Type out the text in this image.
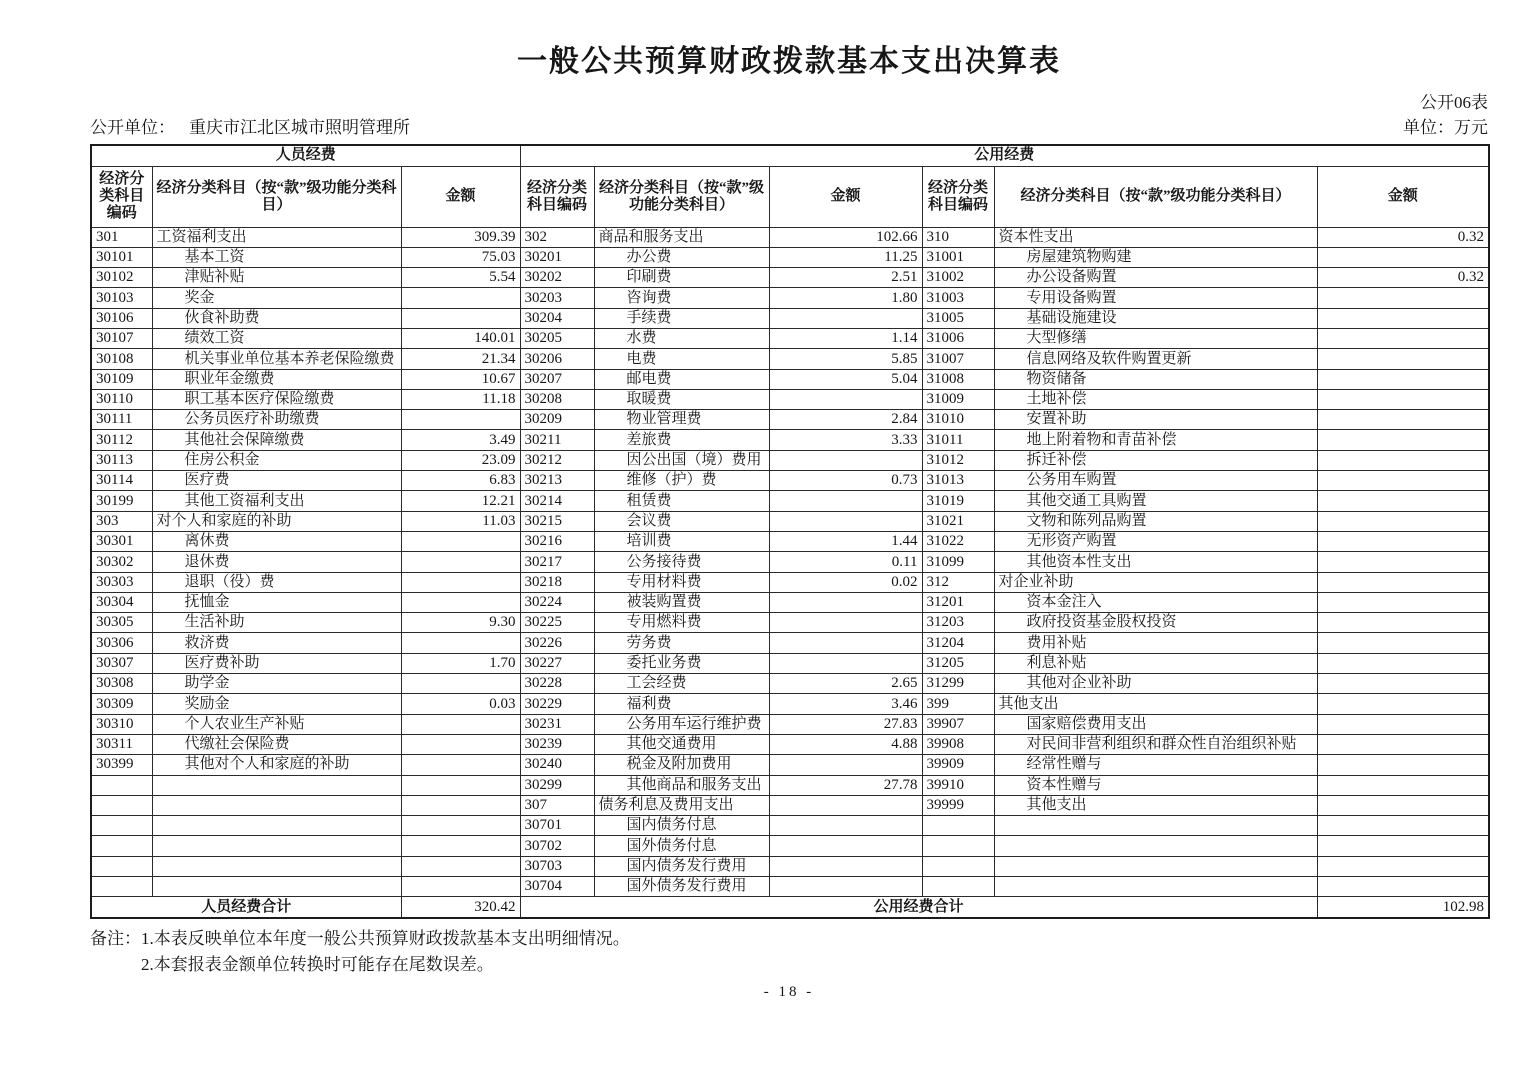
一般公共预算财政拨款基本支出决算表
公开单位： 重庆市江北区城市照明管理所
公开06表
单位：万元
人员经费			公用经费					
经济分类科目编码	经济分类科目（按“款”级功能分类科目）	金额	经济分类科目编码	经济分类科目（按“款”级功能分类科目）	金额	经济分类科目编码	经济分类科目（按“款”级功能分类科目）	金额
301	工资福利支出	309.39	302	商品和服务支出	102.66	310	资本性支出	0.32
30101	基本工资	75.03	30201	办公费	11.25	31001	房屋建筑物购建	
30102	津贴补贴	5.54	30202	印刷费	2.51	31002	办公设备购置	0.32
30103	奖金		30203	咨询费	1.80	31003	专用设备购置	
30106	伙食补助费		30204	手续费		31005	基础设施建设	
30107	绩效工资	140.01	30205	水费	1.14	31006	大型修缮	
30108	机关事业单位基本养老保险缴费	21.34	30206	电费	5.85	31007	信息网络及软件购置更新	
30109	职业年金缴费	10.67	30207	邮电费	5.04	31008	物资储备	
30110	职工基本医疗保险缴费	11.18	30208	取暖费		31009	土地补偿	
30111	公务员医疗补助缴费		30209	物业管理费	2.84	31010	安置补助	
30112	其他社会保障缴费	3.49	30211	差旅费	3.33	31011	地上附着物和青苗补偿	
30113	住房公积金	23.09	30212	因公出国（境）费用		31012	拆迁补偿	
30114	医疗费	6.83	30213	维修（护）费	0.73	31013	公务用车购置	
30199	其他工资福利支出	12.21	30214	租赁费		31019	其他交通工具购置	
303	对个人和家庭的补助	11.03	30215	会议费		31021	文物和陈列品购置	
30301	离休费		30216	培训费	1.44	31022	无形资产购置	
30302	退休费		30217	公务接待费	0.11	31099	其他资本性支出	
30303	退职（役）费		30218	专用材料费	0.02	312	对企业补助	
30304	抚恤金		30224	被装购置费		31201	资本金注入	
30305	生活补助	9.30	30225	专用燃料费		31203	政府投资基金股权投资	
30306	救济费		30226	劳务费		31204	费用补贴	
30307	医疗费补助	1.70	30227	委托业务费		31205	利息补贴	
30308	助学金		30228	工会经费	2.65	31299	其他对企业补助	
30309	奖励金	0.03	30229	福利费	3.46	399	其他支出	
30310	个人农业生产补贴		30231	公务用车运行维护费	27.83	39907	国家赔偿费用支出	
30311	代缴社会保险费		30239	其他交通费用	4.88	39908	对民间非营利组织和群众性自治组织补贴	
30399	其他对个人和家庭的补助		30240	税金及附加费用		39909	经常性赠与	
			30299	其他商品和服务支出	27.78	39910	资本性赠与	
			307	债务利息及费用支出		39999	其他支出	
			30701	国内债务付息				
			30702	国外债务付息				
			30703	国内债务发行费用				
			30704	国外债务发行费用				
人员经费合计		320.42	公用经费合计					102.98
备注： 1.本表反映单位本年度一般公共预算财政拨款基本支出明细情况。
2.本套报表金额单位转换时可能存在尾数误差。
- 18 -
